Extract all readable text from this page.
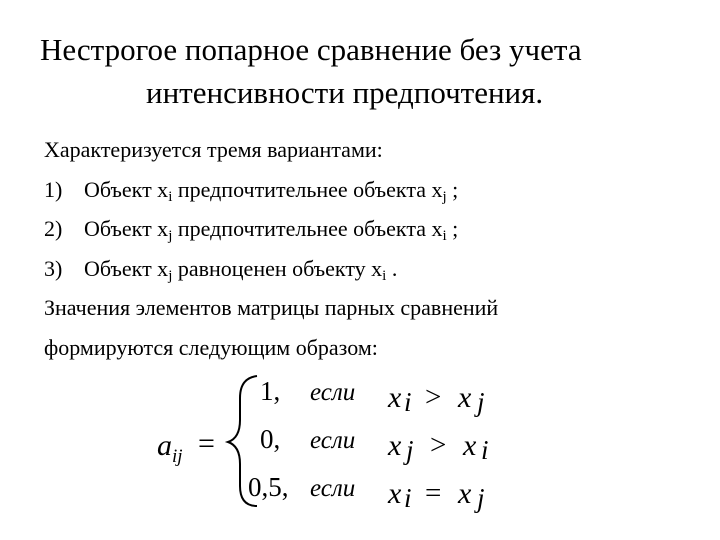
Нестрогое попарное сравнение без учета
интенсивности предпочтения.
Характеризуется тремя вариантами:
1) Объект $x_i$ предпочтительнее объекта $x_j$ ;
2) Объект $x_j$ предпочтительнее объекта $x_i$ ;
3) Объект $x_j$ равноценен объекту $x_i$ .
Значения элементов матрицы парных сравнений
формируются следующим образом:
a ij =
1, если x i > x j
0, если x j > x i
0,5, если x i = x j
